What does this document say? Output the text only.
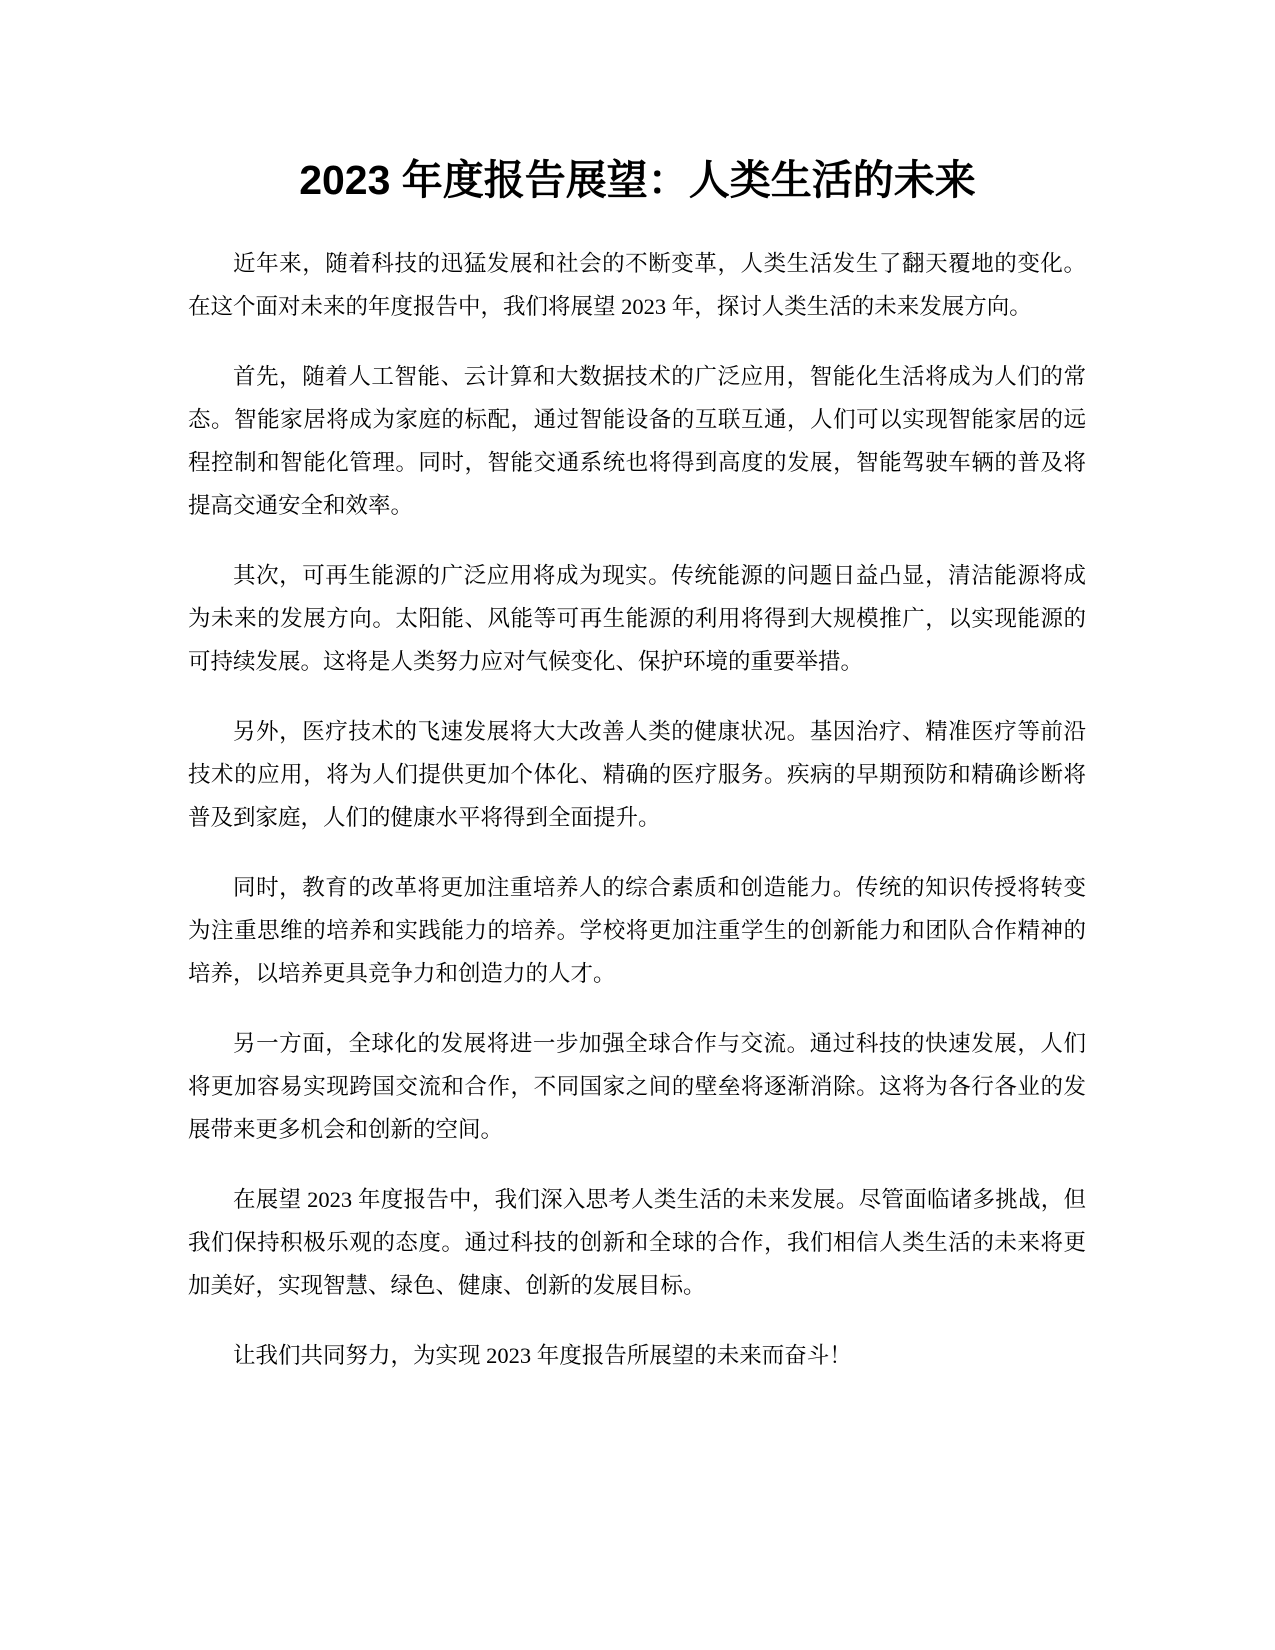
2023 年度报告展望：人类生活的未来

近年来，随着科技的迅猛发展和社会的不断变革，人类生活发生了翻天覆地的变化。在这个面对未来的年度报告中，我们将展望 2023 年，探讨人类生活的未来发展方向。

首先，随着人工智能、云计算和大数据技术的广泛应用，智能化生活将成为人们的常态。智能家居将成为家庭的标配，通过智能设备的互联互通，人们可以实现智能家居的远程控制和智能化管理。同时，智能交通系统也将得到高度的发展，智能驾驶车辆的普及将提高交通安全和效率。

其次，可再生能源的广泛应用将成为现实。传统能源的问题日益凸显，清洁能源将成为未来的发展方向。太阳能、风能等可再生能源的利用将得到大规模推广，以实现能源的可持续发展。这将是人类努力应对气候变化、保护环境的重要举措。

另外，医疗技术的飞速发展将大大改善人类的健康状况。基因治疗、精准医疗等前沿技术的应用，将为人们提供更加个体化、精确的医疗服务。疾病的早期预防和精确诊断将普及到家庭，人们的健康水平将得到全面提升。

同时，教育的改革将更加注重培养人的综合素质和创造能力。传统的知识传授将转变为注重思维的培养和实践能力的培养。学校将更加注重学生的创新能力和团队合作精神的培养，以培养更具竞争力和创造力的人才。

另一方面，全球化的发展将进一步加强全球合作与交流。通过科技的快速发展，人们将更加容易实现跨国交流和合作，不同国家之间的壁垒将逐渐消除。这将为各行各业的发展带来更多机会和创新的空间。

在展望 2023 年度报告中，我们深入思考人类生活的未来发展。尽管面临诸多挑战，但我们保持积极乐观的态度。通过科技的创新和全球的合作，我们相信人类生活的未来将更加美好，实现智慧、绿色、健康、创新的发展目标。

让我们共同努力，为实现 2023 年度报告所展望的未来而奋斗！
